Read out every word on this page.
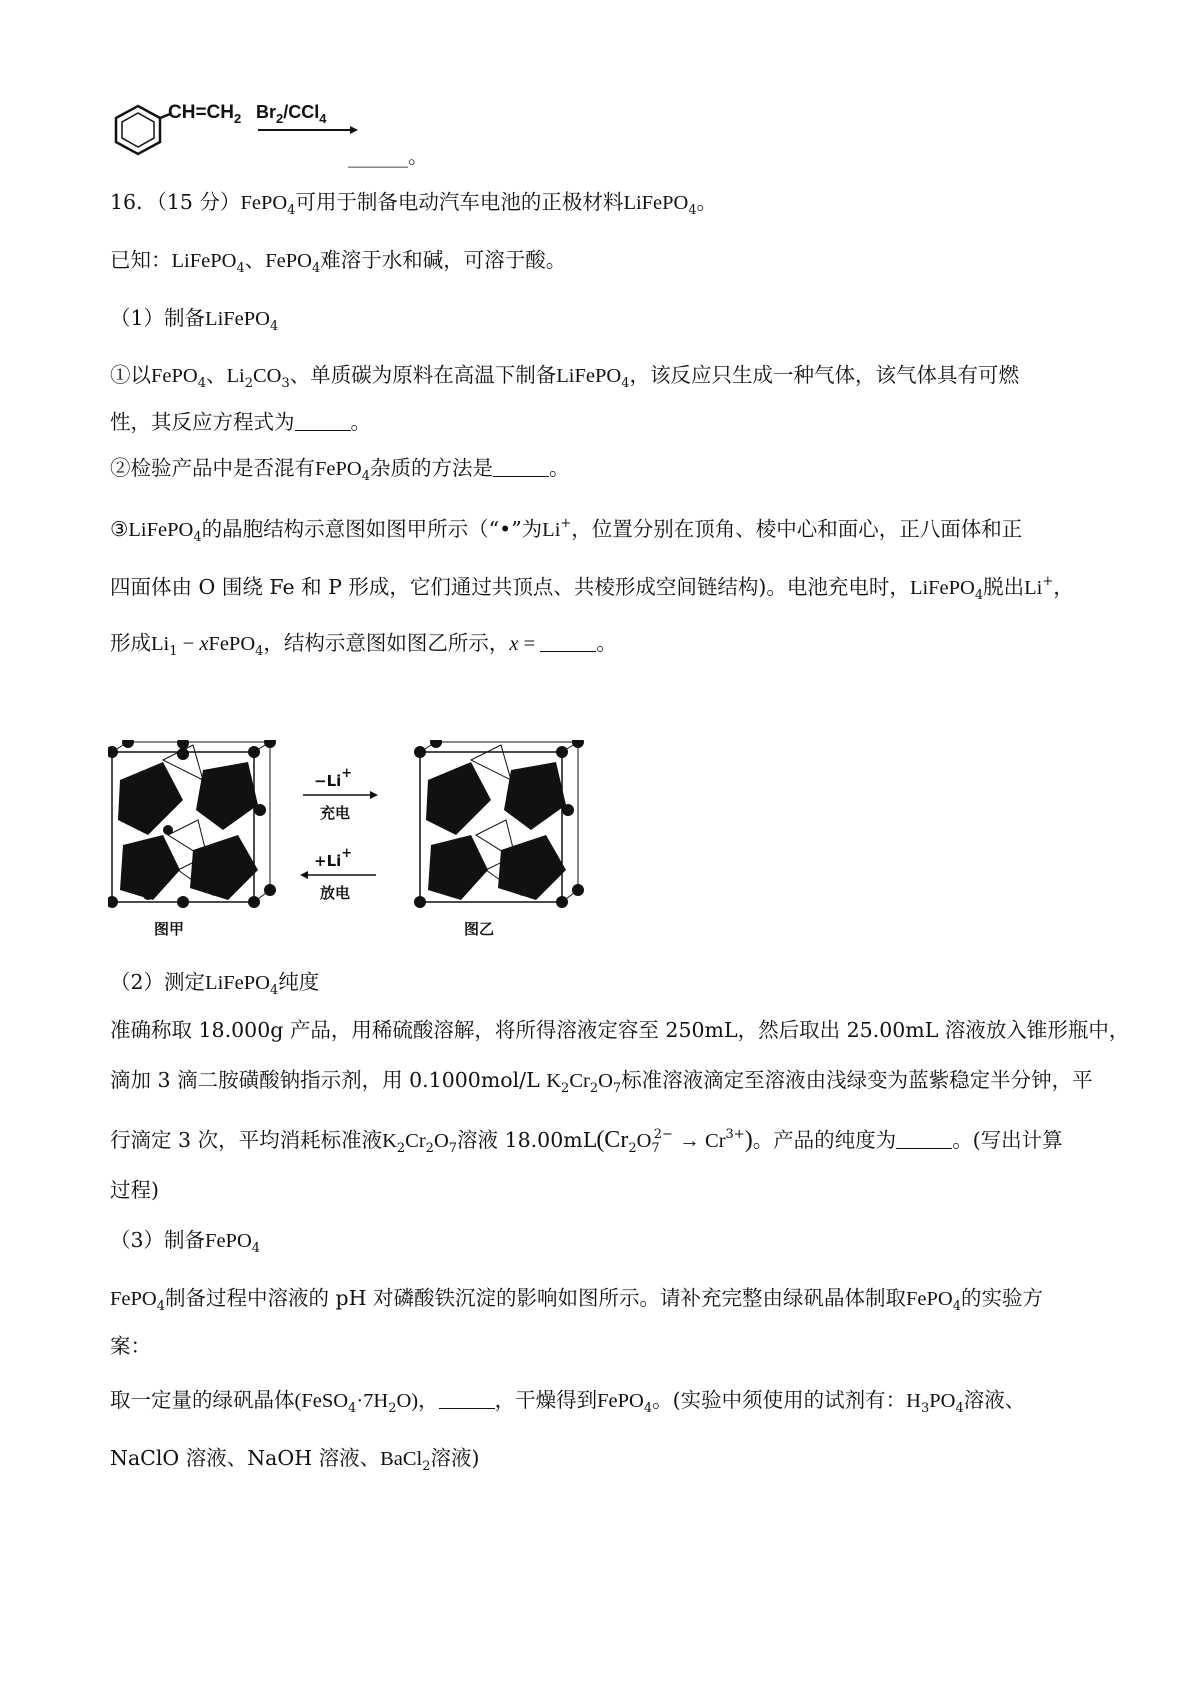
$CH=CH_2$ $Br_2/CCl_4$
______。
16．（15 分）FePO$_4$可用于制备电动汽车电池的正极材料LiFePO$_4$。
已知：LiFePO$_4$、FePO$_4$难溶于水和碱，可溶于酸。
（1）制备LiFePO$_4$
①以FePO$_4$、$Li_2CO_3$、单质碳为原料在高温下制备LiFePO$_4$，该反应只生成一种气体，该气体具有可燃
性，其反应方程式为	。
②检验产品中是否混有FePO$_4$杂质的方法是	。
③LiFePO$_4$的晶胞结构示意图如图甲所示（“•”为Li+，位置分别在顶角、棱中心和面心，正八面体和正
四面体由 O 围绕 Fe 和 P 形成，它们通过共顶点、共棱形成空间链结构)。电池充电时，LiFePO$_4$脱出Li+，
形成$Li_1$ − xFePO$_4$，结构示意图如图乙所示，x =	。
−Li+
充电
+Li+
放电
图甲	图乙
（2）测定LiFePO$_4$纯度
准确称取 18.000g 产品，用稀硫酸溶解，将所得溶液定容至 250mL，然后取出 25.00mL 溶液放入锥形瓶中，
滴加 3 滴二胺磺酸钠指示剂，用 0.1000mol/L $K_2Cr_2O_7$标准溶液滴定至溶液由浅绿变为蓝紫稳定半分钟，平
行滴定 3 次，平均消耗标准液$K_2Cr_2O_7$溶液 $18.00mL(Cr_2O_7^{2-} \to Cr^{3+})$。产品的纯度为	。(写出计算
过程)
（3）制备FePO$_4$
FePO$_4$制备过程中溶液的 pH 对磷酸铁沉淀的影响如图所示。请补充完整由绿矾晶体制取FePO$_4$的实验方
案：
取一定量的绿矾晶体$(FeSO_4\cdot 7H_2O)$，	，干燥得到FePO$_4$。(实验中须使用的试剂有：$H_3PO_4$溶液、
NaClO 溶液、NaOH 溶液、BaCl$_2$溶液)
